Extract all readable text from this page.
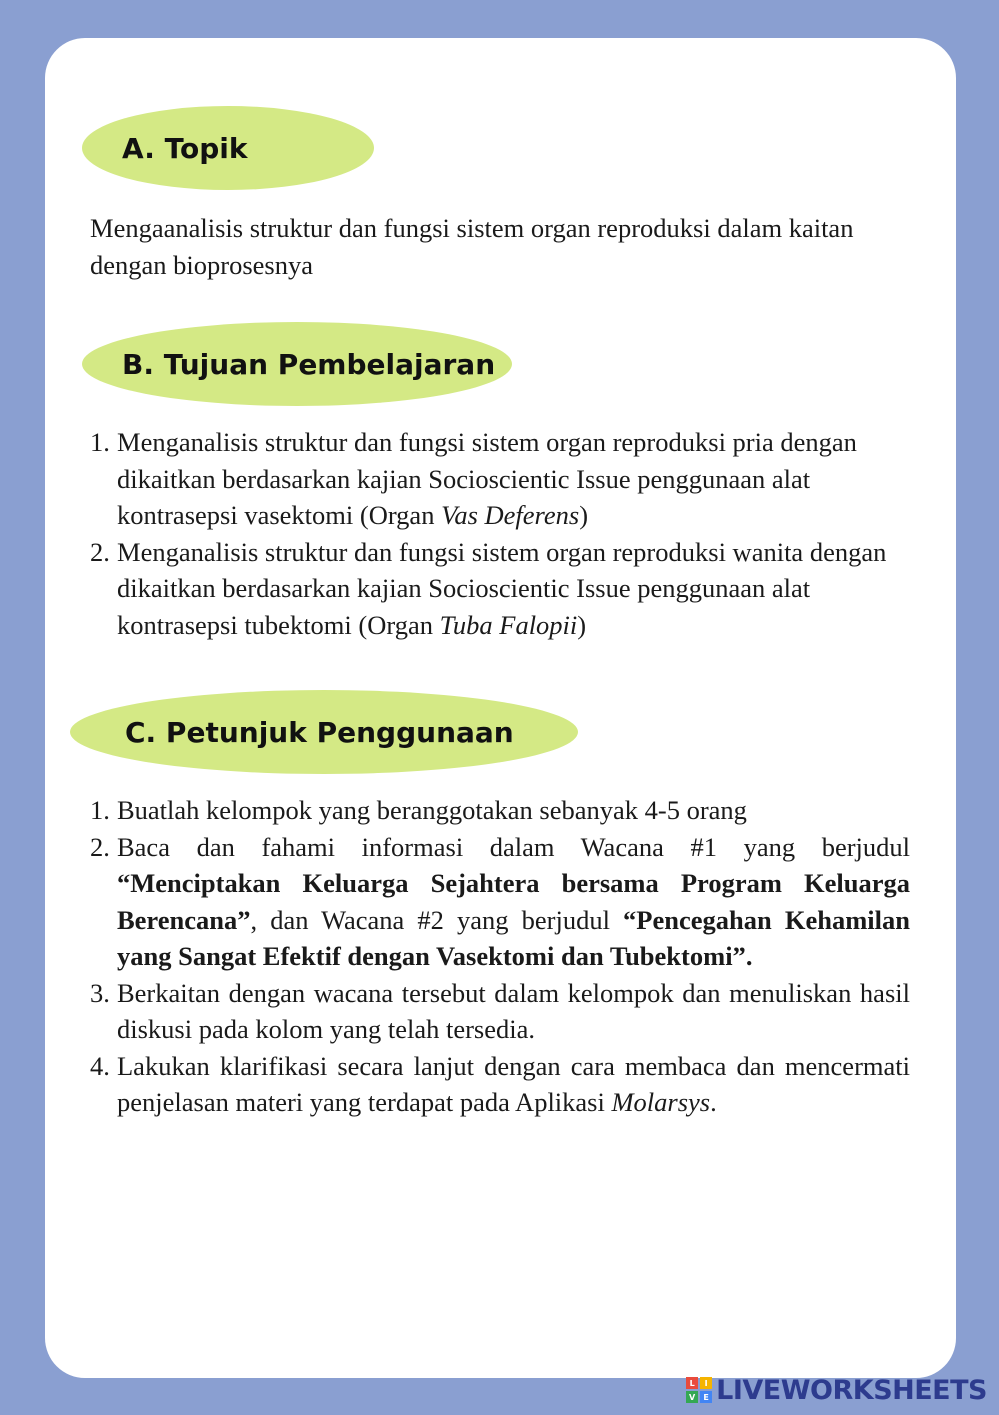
A. Topik
Mengaanalisis struktur dan fungsi sistem organ reproduksi dalam kaitan dengan bioprosesnya
B. Tujuan Pembelajaran
1. Menganalisis struktur dan fungsi sistem organ reproduksi pria dengan dikaitkan berdasarkan kajian Socioscientic Issue penggunaan alat kontrasepsi vasektomi (Organ Vas Deferens)
2. Menganalisis struktur dan fungsi sistem organ reproduksi wanita dengan dikaitkan berdasarkan kajian Socioscientic Issue penggunaan alat kontrasepsi tubektomi (Organ Tuba Falopii)
C. Petunjuk Penggunaan
1. Buatlah kelompok yang beranggotakan sebanyak 4-5 orang
2. Baca dan fahami informasi dalam Wacana #1 yang berjudul “Menciptakan Keluarga Sejahtera bersama Program Keluarga Berencana”, dan Wacana #2 yang berjudul “Pencegahan Kehamilan yang Sangat Efektif dengan Vasektomi dan Tubektomi”.
3. Berkaitan dengan wacana tersebut dalam kelompok dan menuliskan hasil diskusi pada kolom yang telah tersedia.
4. Lakukan klarifikasi secara lanjut dengan cara membaca dan mencermati penjelasan materi yang terdapat pada Aplikasi Molarsys.
L	I
V	E LIVEWORKSHEETS
